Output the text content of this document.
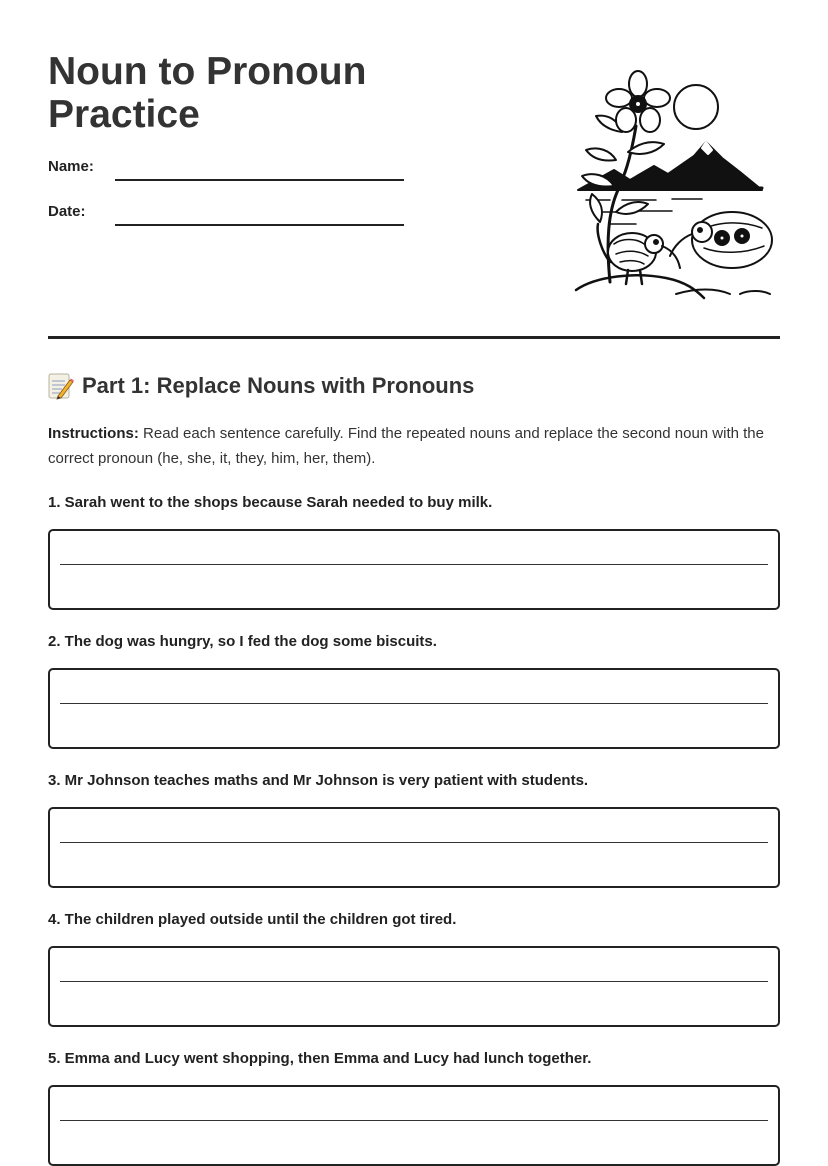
Noun to Pronoun
Practice
Name:
Date:
Part 1: Replace Nouns with Pronouns

Instructions: Read each sentence carefully. Find the repeated nouns and replace the second noun with the correct pronoun (he, she, it, they, him, her, them).

1. Sarah went to the shops because Sarah needed to buy milk.
2. The dog was hungry, so I fed the dog some biscuits.
3. Mr Johnson teaches maths and Mr Johnson is very patient with students.
4. The children played outside until the children got tired.
5. Emma and Lucy went shopping, then Emma and Lucy had lunch together.
